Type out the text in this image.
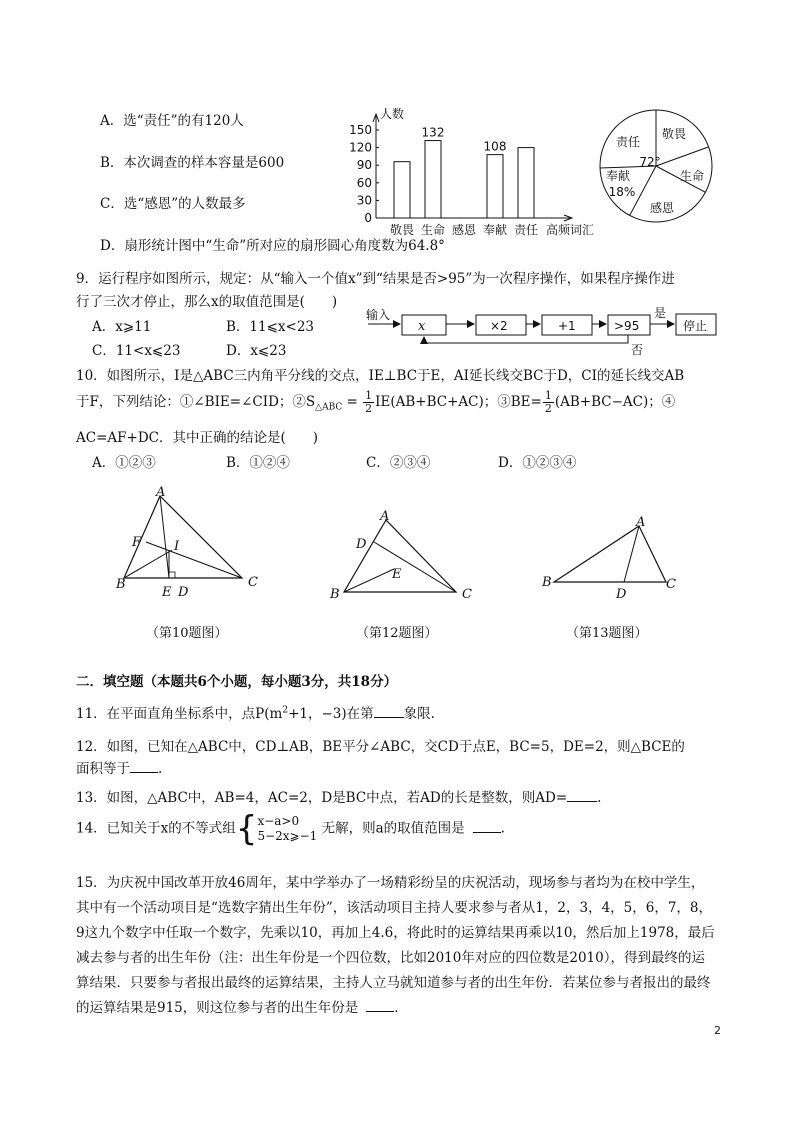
A．选“责任”的有120人
B．本次调查的样本容量是600
C．选“感恩”的人数最多
D．扇形统计图中“生命”所对应的扇形圆心角度数为64.8°
人数
0
30
60
90
120
150
敬畏
132
生命 感恩
108
奉献 责任 高频词汇
责任
敬畏
生命
感恩
奉献
72°
18%
9．运行程序如图所示，规定：从“输入一个值x”到“结果是否>95”为一次程序操作，如果程序操作进
行了三次才停止，那么x的取值范围是(　　)
A．x⩾11	B．11⩽x<23
C．11<x⩽23	D．x⩽23
输入
x	×2	+1	>95
是
停止
否
10．如图所示，I是△ABC三内角平分线的交点，IE⊥BC于E，AI延长线交BC于D，CI的延长线交AB
于F，下列结论：①∠BIE=∠CID；$②S_{\triangle ABC} = \frac{1}{2} IE(AB+BC+AC)$；③BE= $\frac{1}{2} (AB+BC-AC)$；④
AC=AF+DC．其中正确的结论是(　　)
A．①②③	B．①②④	C．②③④	D．①②③④
A
B	C
D
E
F	I
（第10题图）
A
B	C
D
E
（第12题图）
A
B	C
D
（第13题图）
二．填空题（本题共6个小题，每小题3分，共18分）
11．在平面直角坐标系中，点$P(m^2+1$，−3)在第 象限.
12．如图，已知在△ABC中，CD⊥AB，BE平分∠ABC，交CD于点E，BC=5，DE=2，则△BCE的
面积等于 .
13．如图，△ABC中，AB=4，AC=2，D是BC中点，若AD的长是整数，则AD= .
14．已知关于x的不等式组{ x−a>0
5−2x⩾−1 无解，则a的取值范围是	.
15．为庆祝中国改革开放46周年，某中学举办了一场精彩纷呈的庆祝活动，现场参与者均为在校中学生，
其中有一个活动项目是“选数字猜出生年份”，该活动项目主持人要求参与者从1，2，3，4，5，6，7，8，
9这九个数字中任取一个数字，先乘以10，再加上4.6，将此时的运算结果再乘以10，然后加上1978，最后
减去参与者的出生年份（注：出生年份是一个四位数，比如2010年对应的四位数是2010），得到最终的运
算结果．只要参与者报出最终的运算结果，主持人立马就知道参与者的出生年份．若某位参与者报出的最终
的运算结果是915，则这位参与者的出生年份是	.
2
